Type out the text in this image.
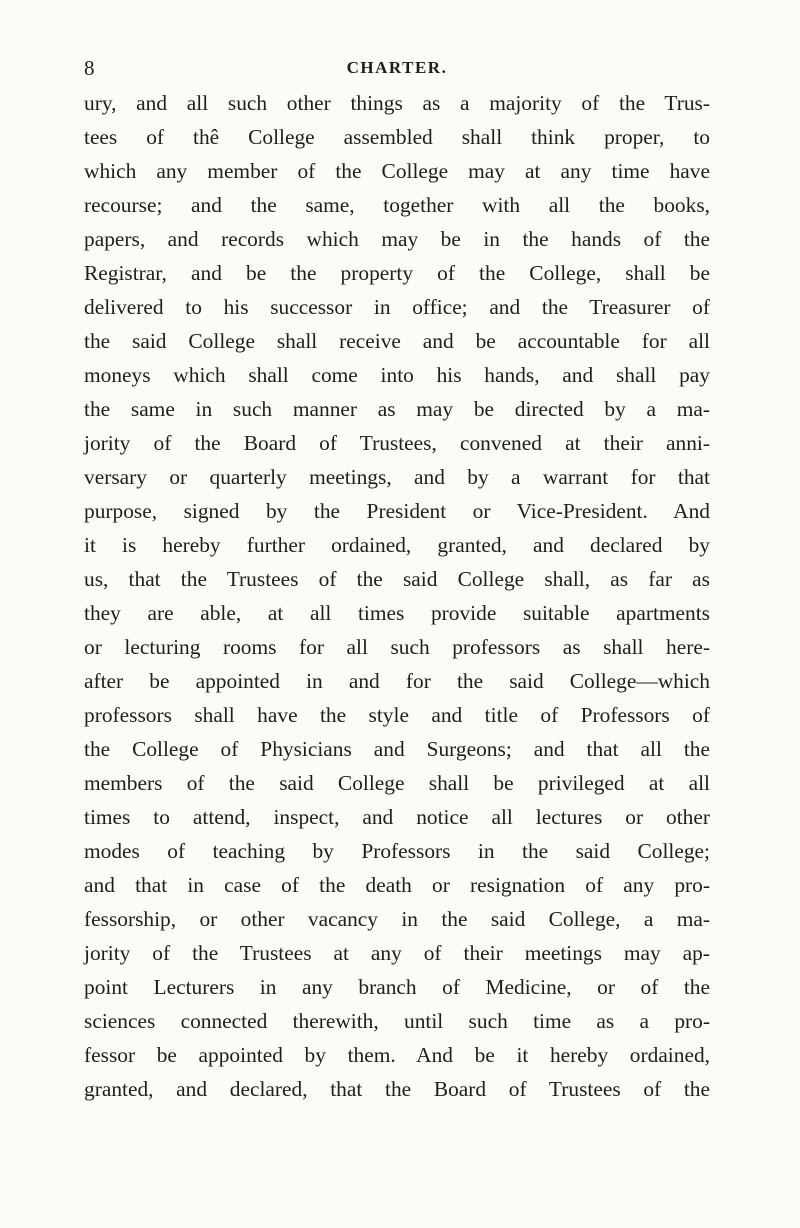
8	CHARTER.
ury, and all such other things as a majority of the Trus-
tees of thê College assembled shall think proper, to
which any member of the College may at any time have
recourse; and the same, together with all the books,
papers, and records which may be in the hands of the
Registrar, and be the property of the College, shall be
delivered to his successor in office; and the Treasurer of
the said College shall receive and be accountable for all
moneys which shall come into his hands, and shall pay
the same in such manner as may be directed by a ma-
jority of the Board of Trustees, convened at their anni-
versary or quarterly meetings, and by a warrant for that
purpose, signed by the President or Vice-President. And
it is hereby further ordained, granted, and declared by
us, that the Trustees of the said College shall, as far as
they are able, at all times provide suitable apartments
or lecturing rooms for all such professors as shall here-
after be appointed in and for the said College—which
professors shall have the style and title of Professors of
the College of Physicians and Surgeons; and that all the
members of the said College shall be privileged at all
times to attend, inspect, and notice all lectures or other
modes of teaching by Professors in the said College;
and that in case of the death or resignation of any pro-
fessorship, or other vacancy in the said College, a ma-
jority of the Trustees at any of their meetings may ap-
point Lecturers in any branch of Medicine, or of the
sciences connected therewith, until such time as a pro-
fessor be appointed by them. And be it hereby ordained,
granted, and declared, that the Board of Trustees of the
